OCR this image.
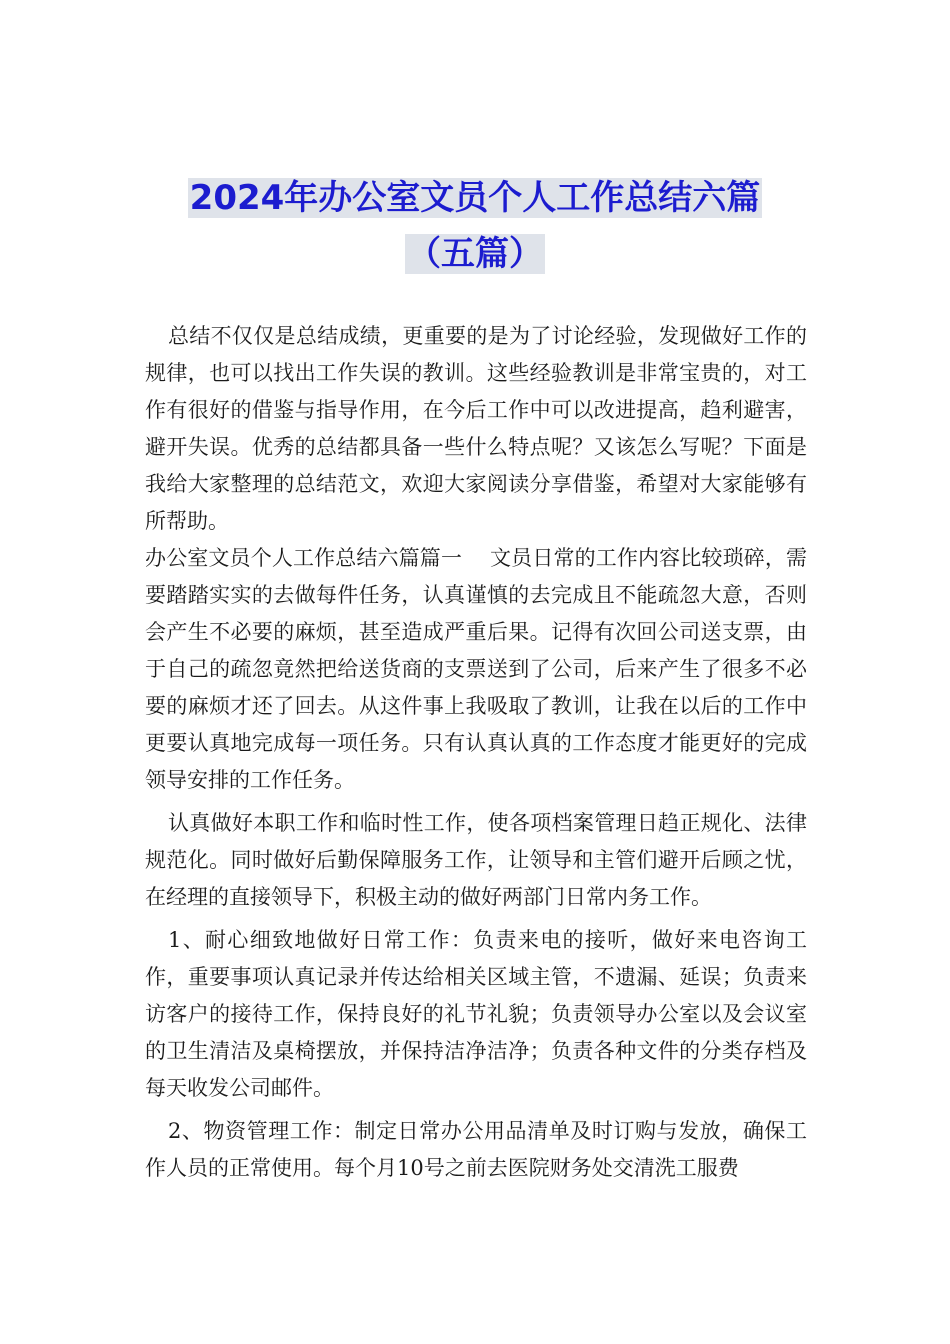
2024年办公室文员个人工作总结六篇
（五篇）

总结不仅仅是总结成绩，更重要的是为了讨论经验，发现做好工作的规律，也可以找出工作失误的教训。这些经验教训是非常宝贵的，对工作有很好的借鉴与指导作用，在今后工作中可以改进提高，趋利避害，避开失误。优秀的总结都具备一些什么特点呢？又该怎么写呢？下面是我给大家整理的总结范文，欢迎大家阅读分享借鉴，希望对大家能够有所帮助。

办公室文员个人工作总结六篇篇一　 文员日常的工作内容比较琐碎，需要踏踏实实的去做每件任务，认真谨慎的去完成且不能疏忽大意，否则会产生不必要的麻烦，甚至造成严重后果。记得有次回公司送支票，由于自己的疏忽竟然把给送货商的支票送到了公司，后来产生了很多不必要的麻烦才还了回去。从这件事上我吸取了教训，让我在以后的工作中更要认真地完成每一项任务。只有认真认真的工作态度才能更好的完成领导安排的工作任务。

认真做好本职工作和临时性工作，使各项档案管理日趋正规化、法律规范化。同时做好后勤保障服务工作，让领导和主管们避开后顾之忧，在经理的直接领导下，积极主动的做好两部门日常内务工作。

1、耐心细致地做好日常工作：负责来电的接听，做好来电咨询工作，重要事项认真记录并传达给相关区域主管，不遗漏、延误；负责来访客户的接待工作，保持良好的礼节礼貌；负责领导办公室以及会议室的卫生清洁及桌椅摆放，并保持洁净洁净；负责各种文件的分类存档及每天收发公司邮件。

2、物资管理工作：制定日常办公用品清单及时订购与发放，确保工作人员的正常使用。每个月10号之前去医院财务处交清洗工服费
